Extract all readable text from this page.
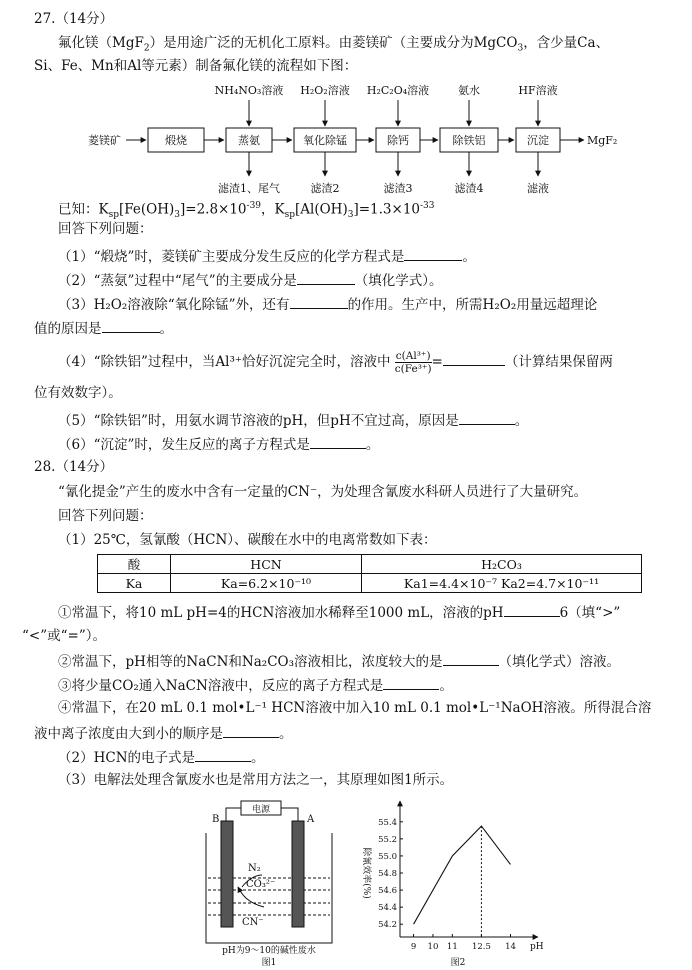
27.（14分）
氟化镁（MgF$_2$）是用途广泛的无机化工原料。由菱镁矿（主要成分为MgCO$_3$，含少量Ca、
Si、Fe、Mn和Al等元素）制备氟化镁的流程如下图：
菱镁矿	煅烧	蒸氨	氧化除锰	除钙	除铁铝	沉淀	MgF₂
NH₄NO₃溶液 H₂O₂溶液 H₂C₂O₄溶液	氨水	HF溶液
滤渣1、尾气	滤渣2	滤渣3	滤渣4	滤液
已知：$K_{sp}[Fe(OH)_3]=2.8\times 10^{-39}$，$K_{sp}[Al(OH)_3]=1.3\times 10^{-33}$
回答下列问题：
（1）“煅烧”时，菱镁矿主要成分发生反应的化学方程式是	。
（2）“蒸氨”过程中“尾气”的主要成分是	（填化学式）。
（3）H₂O₂溶液除“氧化除锰”外，还有	的作用。生产中，所需H₂O₂用量远超理论
值的原因是	。
（4）“除铁铝”过程中，当Al³⁺恰好沉淀完全时，溶液中 $\frac{\text{c(Al³⁺)}}{\text{c(Fe³⁺)}}$ =	（计算结果保留两
位有效数字）。
（5）“除铁铝”时，用氨水调节溶液的pH，但pH不宜过高，原因是	。
（6）“沉淀”时，发生反应的离子方程式是	。
28.（14分）
“氰化提金”产生的废水中含有一定量的CN⁻，为处理含氰废水科研人员进行了大量研究。
回答下列问题：
（1）25℃，氢氰酸（HCN）、碳酸在水中的电离常数如下表：
酸	HCN	H₂CO₃
Ka	Ka=6.2×10⁻¹⁰	Ka1=4.4×10⁻⁷ Ka2=4.7×10⁻¹¹
①常温下，将10 mL pH=4的HCN溶液加水稀释至1000 mL，溶液的pH	6（填“>”
“<”或“=”）。
②常温下，pH相等的NaCN和Na₂CO₃溶液相比，浓度较大的是	（填化学式）溶液。
③将少量CO₂通入NaCN溶液中，反应的离子方程式是	。
④常温下，在20 mL 0.1 mol•L⁻¹ HCN溶液中加入10 mL 0.1 mol•L⁻¹NaOH溶液。所得混合溶
液中离子浓度由大到小的顺序是	。
（2）HCN的电子式是	。
（3）电解法处理含氰废水也是常用方法之一，其原理如图1所示。
电源
B	A
N₂
CO₃²⁻
CN⁻
pH为9～10的碱性废水
图1
54.2
54.4
54.6
54.8
55.0
55.2
55.4
9 10 11 12.5 14
除氰效率(%)
pH
图2
